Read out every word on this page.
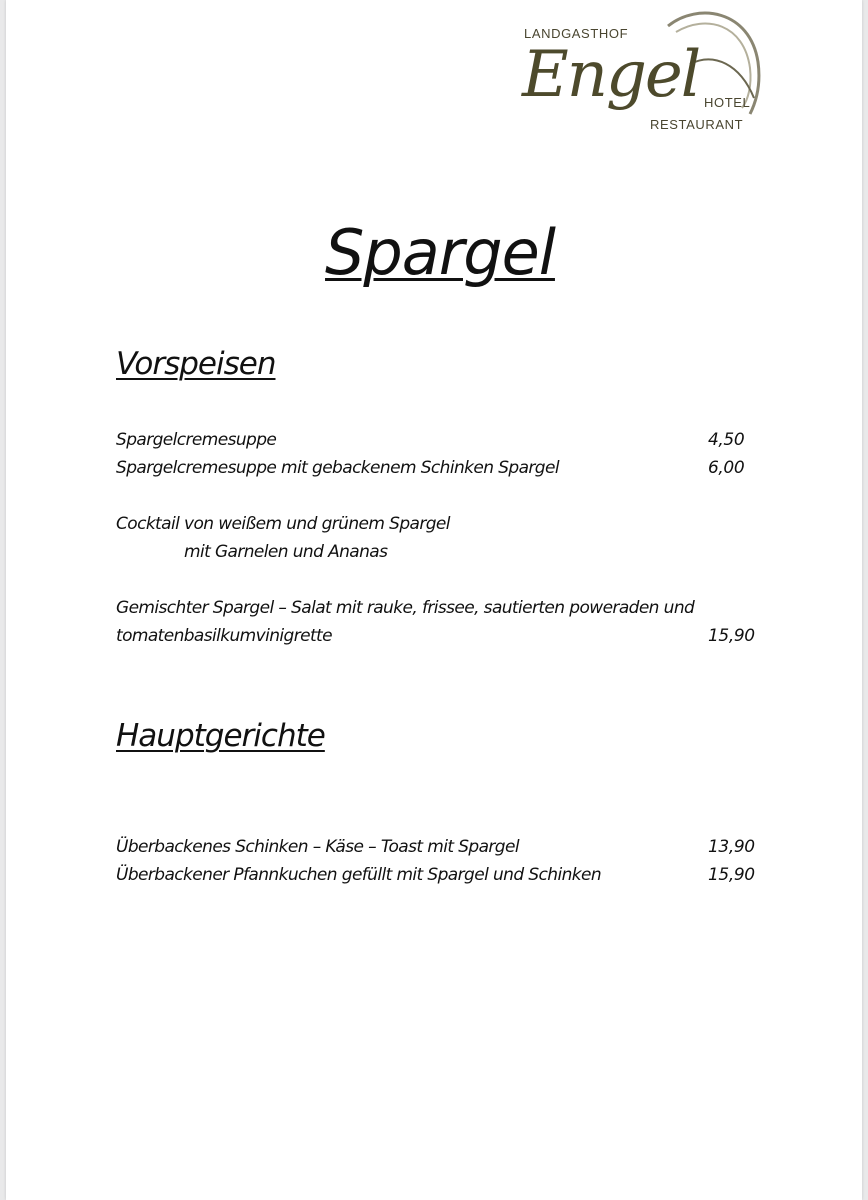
LANDGASTHOF
Engel HOTEL
RESTAURANT
Spargel
Vorspeisen
Spargelcremesuppe	4,50
Spargelcremesuppe mit gebackenem Schinken Spargel	6,00
Cocktail von weißem und grünem Spargel
mit Garnelen und Ananas
Gemischter Spargel – Salat mit rauke, frissee, sautierten poweraden und
tomatenbasilkumvinigrette	15,90
Hauptgerichte
Überbackenes Schinken – Käse – Toast mit Spargel	13,90
Überbackener Pfannkuchen gefüllt mit Spargel und Schinken	15,90
